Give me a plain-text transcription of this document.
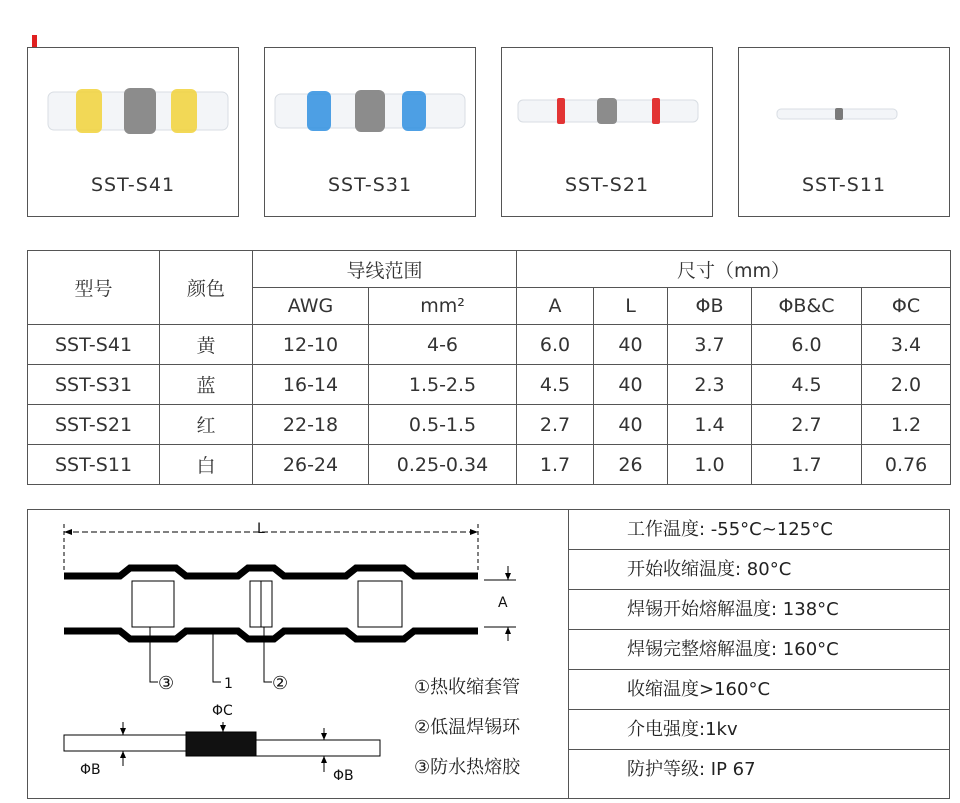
SST-S41	SST-S31	SST-S21	SST-S11
型号	颜色	导线范围		尺寸（mm）				
		AWG	mm²	A	L	ΦB	ΦB&C	ΦC
SST-S41	黄	12-10	4-6	6.0	40	3.7	6.0	3.4
SST-S31	蓝	16-14	1.5-2.5	4.5	40	2.3	4.5	2.0
SST-S21	红	22-18	0.5-1.5	2.7	40	1.4	2.7	1.2
SST-S11	白	26-24	0.25-0.34	1.7	26	1.0	1.7	0.76
L
A
③	1 ②
ΦC
ΦB	ΦB
①热收缩套管
②低温焊锡环
③防水热熔胶
工作温度: -55°C~125°C
开始收缩温度: 80°C
焊锡开始熔解温度: 138°C
焊锡完整熔解温度: 160°C
收缩温度>160°C
介电强度:1kv
防护等级: IP 67
